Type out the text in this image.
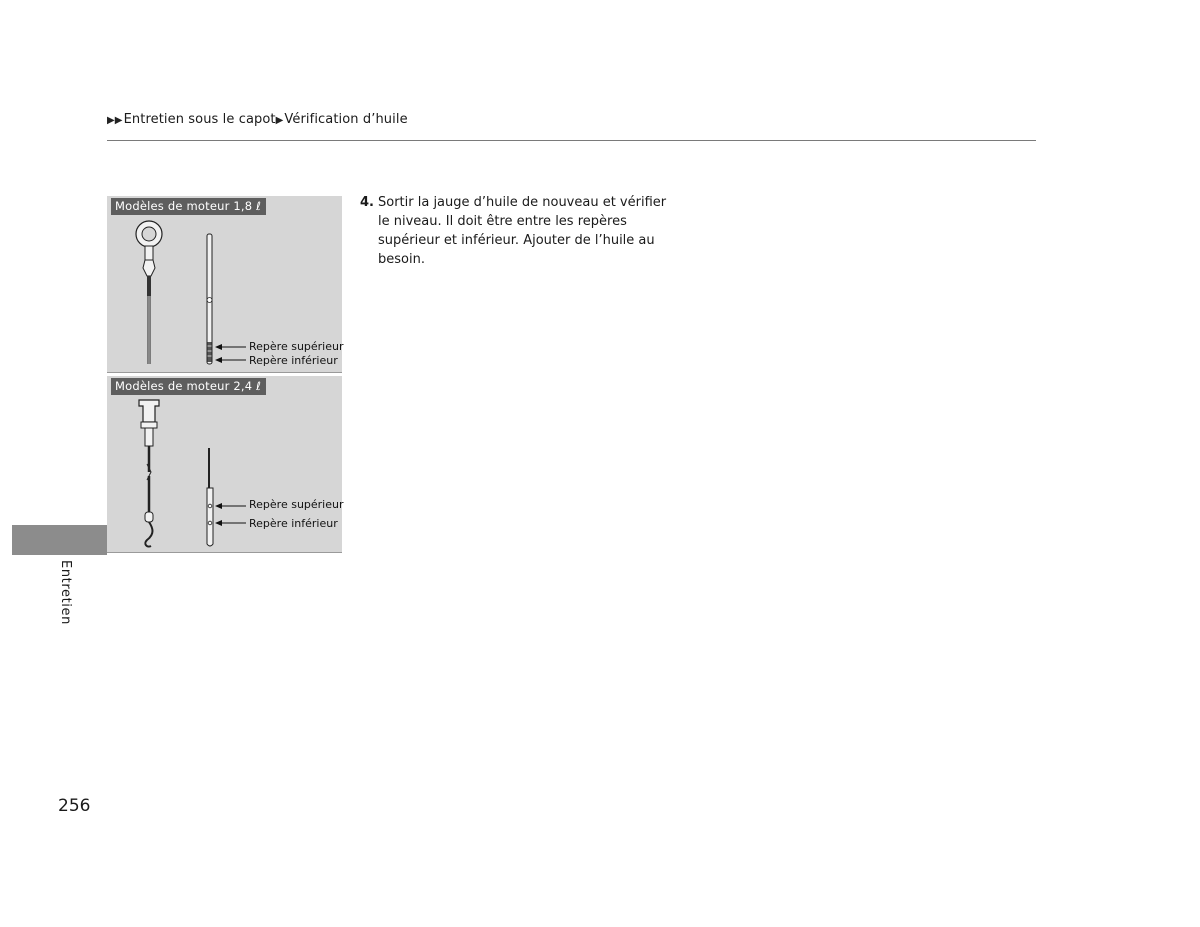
▶▶Entretien sous le capot▶Vérification d’huile
Modèles de moteur 1,8 ℓ
Repère supérieur
Repère inférieur
Modèles de moteur 2,4 ℓ
Repère supérieur
Repère inférieur
4. Sortir la jauge d’huile de nouveau et vérifier le niveau. Il doit être entre les repères supérieur et inférieur. Ajouter de l’huile au besoin.
Entretien
256
